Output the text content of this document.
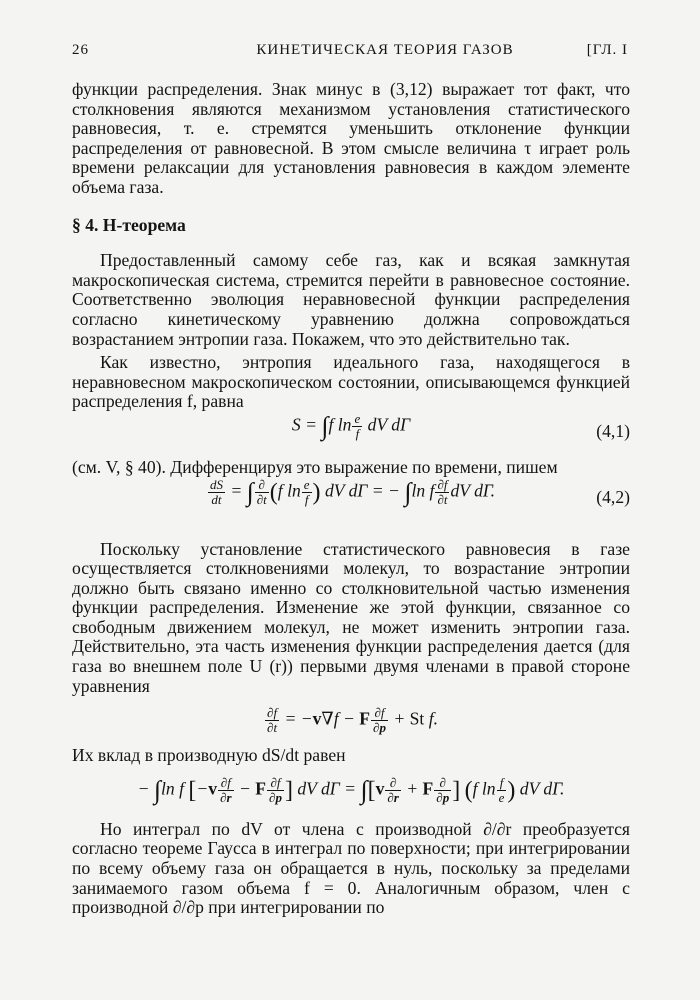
26	КИНЕТИЧЕСКАЯ ТЕОРИЯ ГАЗОВ	[ГЛ. I

функции распределения. Знак минус в (3,12) выражает тот факт, что столкновения являются механизмом установления статистического равновесия, т. е. стремятся уменьшить отклонение функции распределения от равновесной. В этом смысле величина τ играет роль времени релаксации для установления равновесия в каждом элементе объема газа.

§ 4. H-теорема

Предоставленный самому себе газ, как и всякая замкнутая макроскопическая система, стремится перейти в равновесное состояние. Соответственно эволюция неравновесной функции распределения согласно кинетическому уравнению должна сопровождаться возрастанием энтропии газа. Покажем, что это действительно так.

Как известно, энтропия идеального газа, находящегося в неравновесном макроскопическом состоянии, описывающемся функцией распределения f, равна

S = ∫f $\ln \frac{e}{f}$ dV dΓ	(4,1)

(см. V, § 40). Дифференцируя это выражение по времени, пишем

$\frac{dS}{dt}$ = ∫ $\frac{\partial}{\partial t} (f$ $\ln \frac{e}{f}$ ) dV dΓ = − ∫ln f $\frac{\partial f}{\partial t}$ dV dΓ.	(4,2)

Поскольку установление статистического равновесия в газе осуществляется столкновениями молекул, то возрастание энтропии должно быть связано именно со столкновительной частью изменения функции распределения. Изменение же этой функции, связанное со свободным движением молекул, не может изменить энтропии газа. Действительно, эта часть изменения функции распределения дается (для газа во внешнем поле U (r)) первыми двумя членами в правой стороне уравнения

$\frac{\partial f}{\partial t} = -v\nabla f - F \frac{\partial f}{\partial p} + St$ f.

Их вклад в производную dS/dt равен

− ∫ln f [$-v \frac{\partial f}{\partial r} - F \frac{\partial f}{\partial p}$ ] dV $d\Gamma = \int[v \frac{\partial}{\partial r} + F \frac{\partial}{\partial p}$ ] (f $\ln \frac{f}{e}$ ) dV dΓ.

Но интеграл по dV от члена с производной ∂/∂r преобразуется согласно теореме Гаусса в интеграл по поверхности; при интегрировании по всему объему газа он обращается в нуль, поскольку за пределами занимаемого газом объема f = 0. Аналогичным образом, член с производной ∂/∂p при интегрировании по
